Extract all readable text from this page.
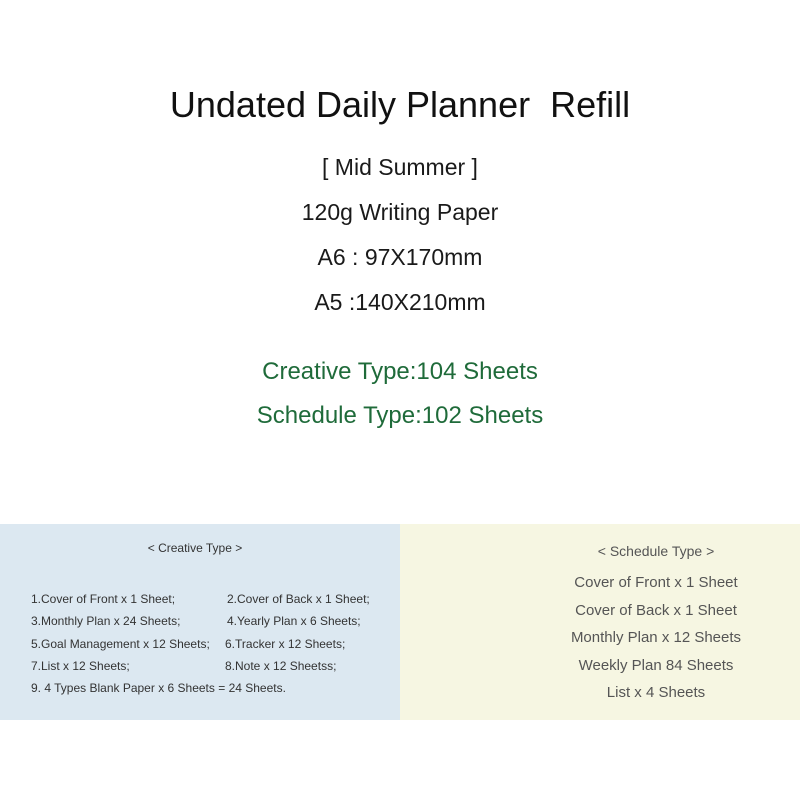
Undated Daily Planner  Refill
[ Mid Summer ]
120g Writing Paper
A6 : 97X170mm
A5 :140X210mm
Creative Type:104 Sheets
Schedule Type:102 Sheets
< Creative Type >
1.Cover of Front x 1 Sheet;	2.Cover of Back x 1 Sheet;
3.Monthly Plan x 24 Sheets;	4.Yearly Plan x 6 Sheets;
5.Goal Management x 12 Sheets; 6.Tracker x 12 Sheets;
7.List x 12 Sheets;	8.Note x 12 Sheetss;
9. 4 Types Blank Paper x 6 Sheets = 24 Sheets.
< Schedule Type >
Cover of Front x 1 Sheet
Cover of Back x 1 Sheet
Monthly Plan x 12 Sheets
Weekly Plan 84 Sheets
List x 4 Sheets
